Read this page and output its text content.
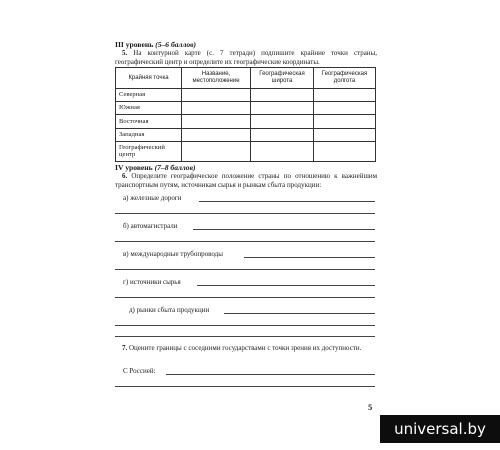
III уровень (5–6 баллов)
5. На контурной карте (с. 7 тетради) подпишите крайние точки страны, географический центр и определите их географические координаты.
Крайняя точка	Название, местоположение	Географическая широта	Географическая долгота
Северная			
Южная			
Восточная			
Западная			
Географический центр			
IV уровень (7–8 баллов)
6. Определите географическое положение страны по отношению к важнейшим транспортным путям, источникам сырья и рынкам сбыта продукции:
а) железные дороги
б) автомагистрали
в) международные трубопроводы
г) источники сырья
д) рынки сбыта продукции
7. Оцените границы с соседними государствами с точки зрения их доступности.
С Россией:
5
universal.by
